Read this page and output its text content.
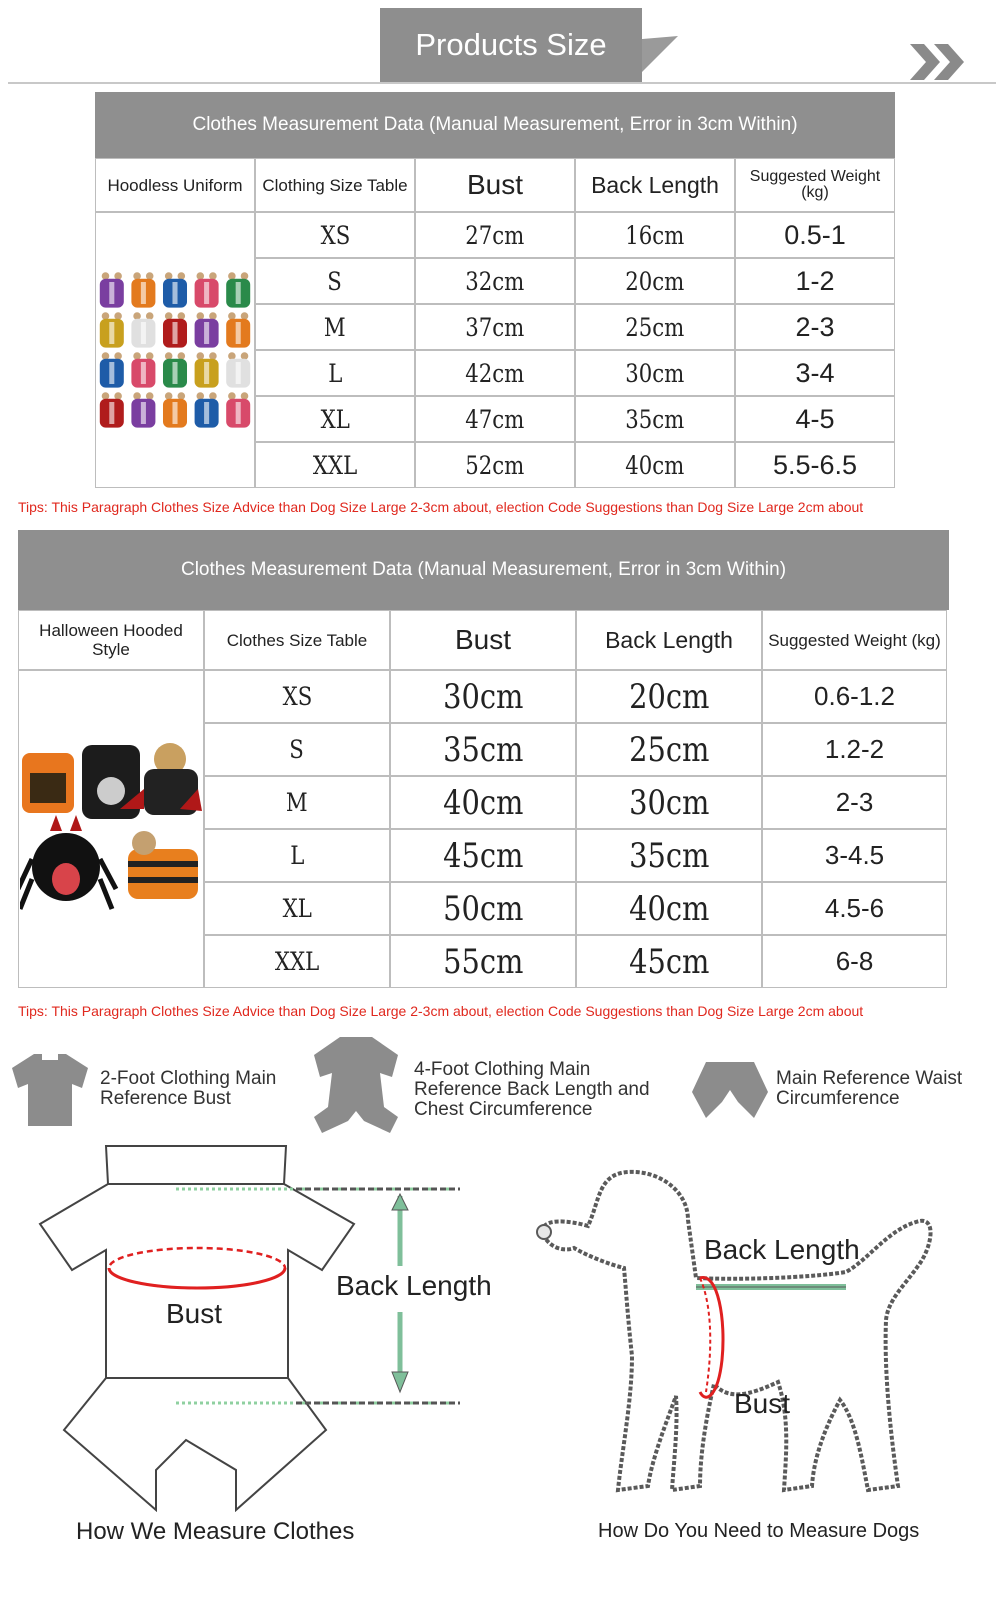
Products Size
Clothes Measurement Data (Manual Measurement, Error in 3cm Within)
Hoodless Uniform	Clothing Size Table	Bust	Back Length	Suggested Weight (kg)
XS	27cm	16cm	0.5-1
S	32cm	20cm	1-2
M	37cm	25cm	2-3
L	42cm	30cm	3-4
XL	47cm	35cm	4-5
XXL	52cm	40cm	5.5-6.5
Tips: This Paragraph Clothes Size Advice than Dog Size Large 2-3cm about, election Code Suggestions than Dog Size Large 2cm about
Clothes Measurement Data (Manual Measurement, Error in 3cm Within)
Halloween Hooded Style	Clothes Size Table	Bust	Back Length	Suggested Weight (kg)
XS	30cm	20cm	0.6-1.2
S	35cm	25cm	1.2-2
M	40cm	30cm	2-3
L	45cm	35cm	3-4.5
XL	50cm	40cm	4.5-6
XXL	55cm	45cm	6-8
Tips: This Paragraph Clothes Size Advice than Dog Size Large 2-3cm about, election Code Suggestions than Dog Size Large 2cm about
2-Foot Clothing Main Reference Bust
4-Foot Clothing Main Reference Back Length and Chest Circumference
Main Reference Waist Circumference
Bust
Back Length
How We Measure Clothes
Back Length
Bust
How Do You Need to Measure Dogs
